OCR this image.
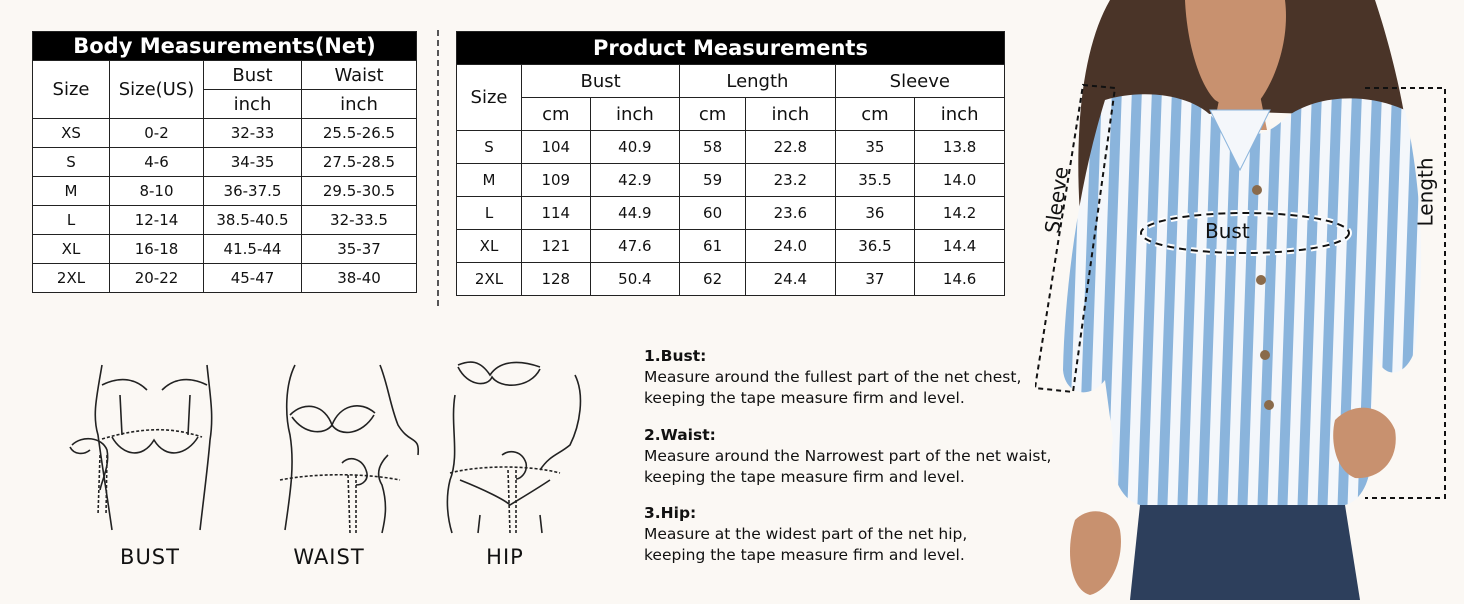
Body Measurements(Net)			
Size	Size(US)	Bust	Waist
		inch	inch
XS	0-2	32-33	25.5-26.5
S	4-6	34-35	27.5-28.5
M	8-10	36-37.5	29.5-30.5
L	12-14	38.5-40.5	32-33.5
XL	16-18	41.5-44	35-37
2XL	20-22	45-47	38-40
Product Measurements						
Size	Bust		Length		Sleeve	
	cm	inch	cm	inch	cm	inch
S	104	40.9	58	22.8	35	13.8
M	109	42.9	59	23.2	35.5	14.0
L	114	44.9	60	23.6	36	14.2
XL	121	47.6	61	24.0	36.5	14.4
2XL	128	50.4	62	24.4	37	14.6
BUST	WAIST	HIP
1.Bust:
Measure around the fullest part of the net chest,
keeping the tape measure firm and level.
2.Waist:
Measure around the Narrowest part of the net waist,
keeping the tape measure firm and level.
3.Hip:
Measure at the widest part of the net hip,
keeping the tape measure firm and level.
Bust
Sleeve	Length
